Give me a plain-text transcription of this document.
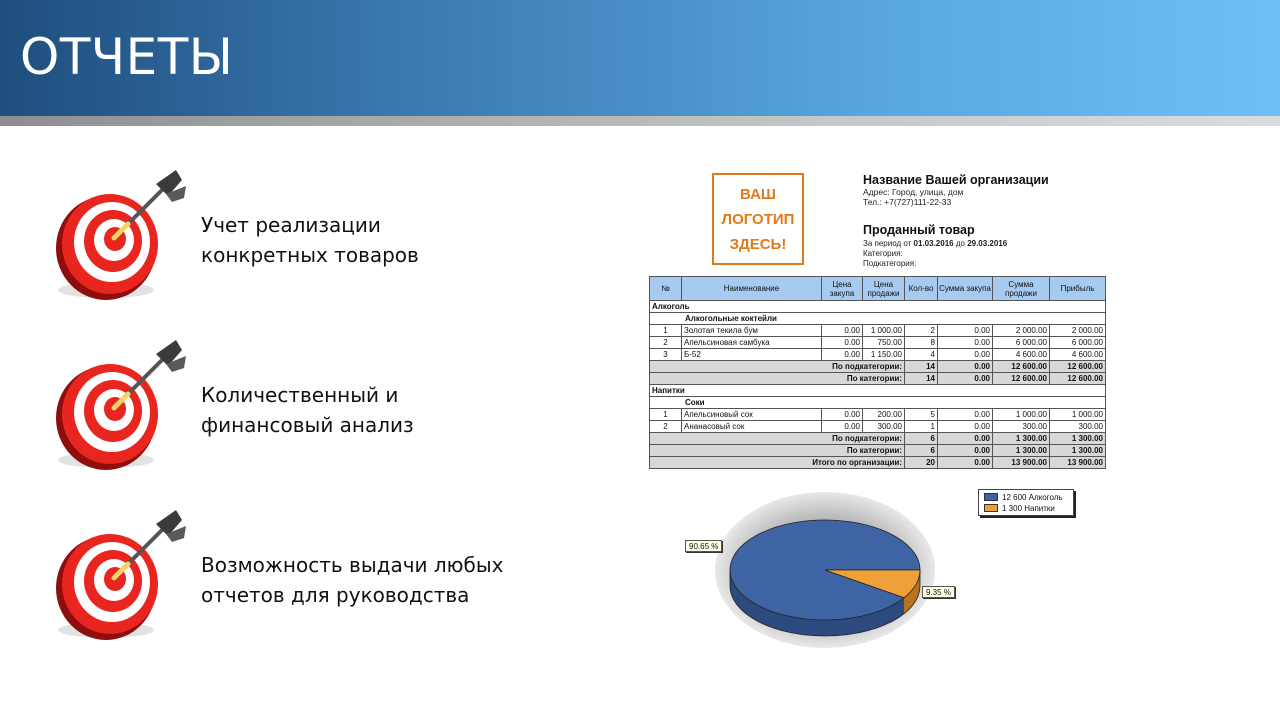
ОТЧЕТЫ
Учет реализации
конкретных товаров
Количественный и
финансовый анализ
Возможность выдачи любых
отчетов для руководства
ВАШ
ЛОГОТИП
ЗДЕСЬ!
Название Вашей организации
Адрес: Город, улица, дом
Тел.: +7(727)111-22-33
Проданный товар
За период от 01.03.2016 до 29.03.2016
Категория:
Подкатегория:
№	Наименование	Цена закупа	Цена продажи	Кол-во	Сумма закупа	Сумма продажи	Прибыль
Алкоголь							
Алкогольные коктейли							
1	Золотая текила бум	0.00	1 000.00	2	0.00	2 000.00	2 000.00
2	Апельсиновая самбука	0.00	750.00	8	0.00	6 000.00	6 000.00
3	Б-52	0.00	1 150.00	4	0.00	4 600.00	4 600.00
По подкатегории:				14	0.00	12 600.00	12 600.00
По категории:				14	0.00	12 600.00	12 600.00
Напитки							
Соки							
1	Апельсиновый сок	0.00	200.00	5	0.00	1 000.00	1 000.00
2	Ананасовый сок	0.00	300.00	1	0.00	300.00	300.00
По подкатегории:				6	0.00	1 300.00	1 300.00
По категории:				6	0.00	1 300.00	1 300.00
Итого по организации:				20	0.00	13 900.00	13 900.00
12 600 Алкоголь
1 300 Напитки
90.65 %
9.35 %
